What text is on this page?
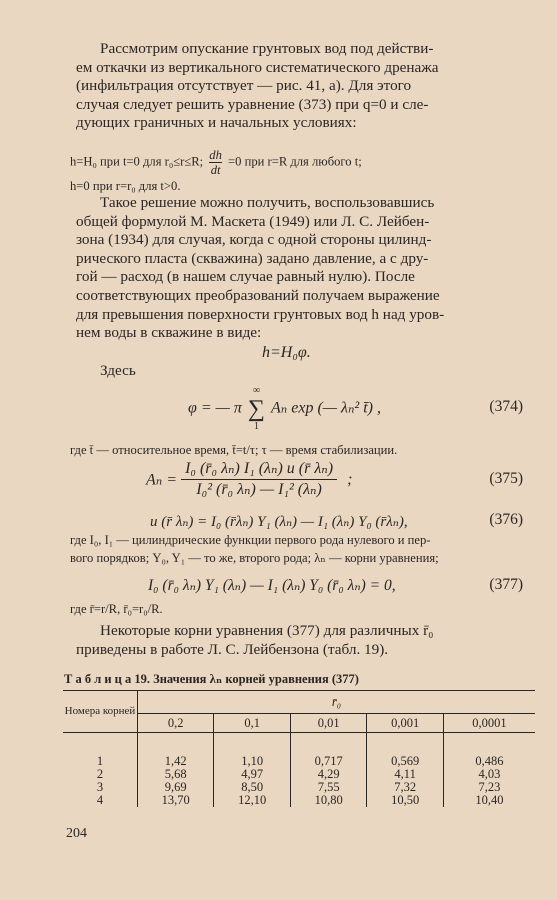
Рассмотрим опускание грунтовых вод под действи-

ем откачки из вертикального систематического дренажа

(инфильтрация отсутствует — рис. 41, а). Для этого

случая следует решить уравнение (373) при q=0 и сле-

дующих граничных и начальных условиях:

h=H₀ при t=0 для r₀≤r≤R; $\frac{dh}{dt} =0$ при r=R для любого t;
h=0 при r=r₀ для t>0.

Такое решение можно получить, воспользовавшись

общей формулой М. Маскета (1949) или Л. С. Лейбен-

зона (1934) для случая, когда с одной стороны цилинд-

рического пласта (скважина) задано давление, а с дру-

гой — расход (в нашем случае равный нулю). После

соответствующих преобразований получаем выражение

для превышения поверхности грунтовых вод h над уров-

нем воды в скважине в виде:

h=H₀φ.

Здесь

φ = — π
∞
∑
1
Aₙ exp (— λₙ² t̄) ,	(374)
где t̄ — относительное время, t̄=t/τ; τ — время стабилизации.
$A_n = \frac{\text{I₀ (r̄₀ λₙ) I₁ (λₙ) u (r̄ λₙ)}}{\text{I₀² (r̄₀ λₙ) — I₁² (λₙ)}}$ ;	(375)
u (r̄ λₙ) = I₀ (r̄λₙ) Y₁ (λₙ) — I₁ (λₙ) Y₀ (r̄λₙ),	(376)
где I₀, I₁ — цилиндрические функции первого рода нулевого и пер-
вого порядков; Y₀, Y₁ — то же, второго рода; λₙ — корни уравнения;
I₀ (r̄₀ λₙ) Y₁ (λₙ) — I₁ (λₙ) Y₀ (r̄₀ λₙ) = 0,	(377)
где r̄=r/R, r̄₀=r₀/R.

Некоторые корни уравнения (377) для различных r̄₀

приведены в работе Л. С. Лейбензона (табл. 19).

Т а б л и ц а 19. Значения λₙ корней уравнения (377)
Номера корней	r̄₀				
	0,2	0,1	0,01	0,001	0,0001
1	1,42	1,10	0,717	0,569	0,486
2	5,68	4,97	4,29	4,11	4,03
3	9,69	8,50	7,55	7,32	7,23
4	13,70	12,10	10,80	10,50	10,40
204
